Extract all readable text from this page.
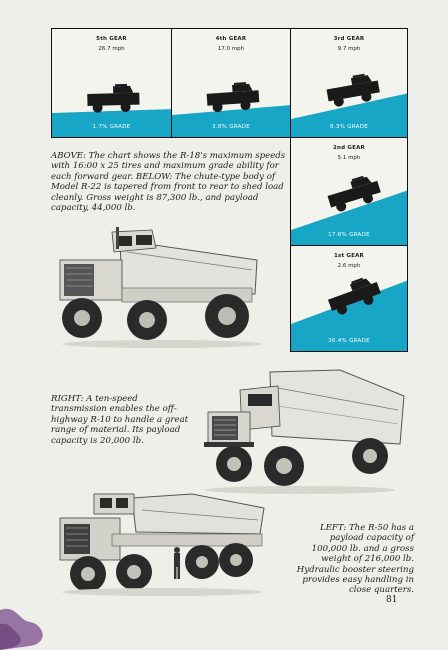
5th GEAR
26.7 mph
1.7% GRADE
4th GEAR
17.0 mph
3.8% GRADE
3rd GEAR
9.7 mph
8.3% GRADE
2nd GEAR
5.1 mph
17.6% GRADE
1st GEAR
2.6 mph
36.4% GRADE

ABOVE: The chart shows the R-18's maximum speeds with 16:00 x 25 tires and maximum grade ability for each forward gear. BELOW: The chute-type body of Model R-22 is tapered from front to rear to shed load cleanly. Gross weight is 87,300 lb., and payload capacity, 44,000 lb.

RIGHT: A ten-speed transmission enables the off-highway R-10 to handle a great range of material. Its payload capacity is 20,000 lb.

LEFT: The R-50 has a payload capacity of 100,000 lb. and a gross weight of 216,000 lb. Hydraulic booster steering provides easy handling in close quarters.

81
